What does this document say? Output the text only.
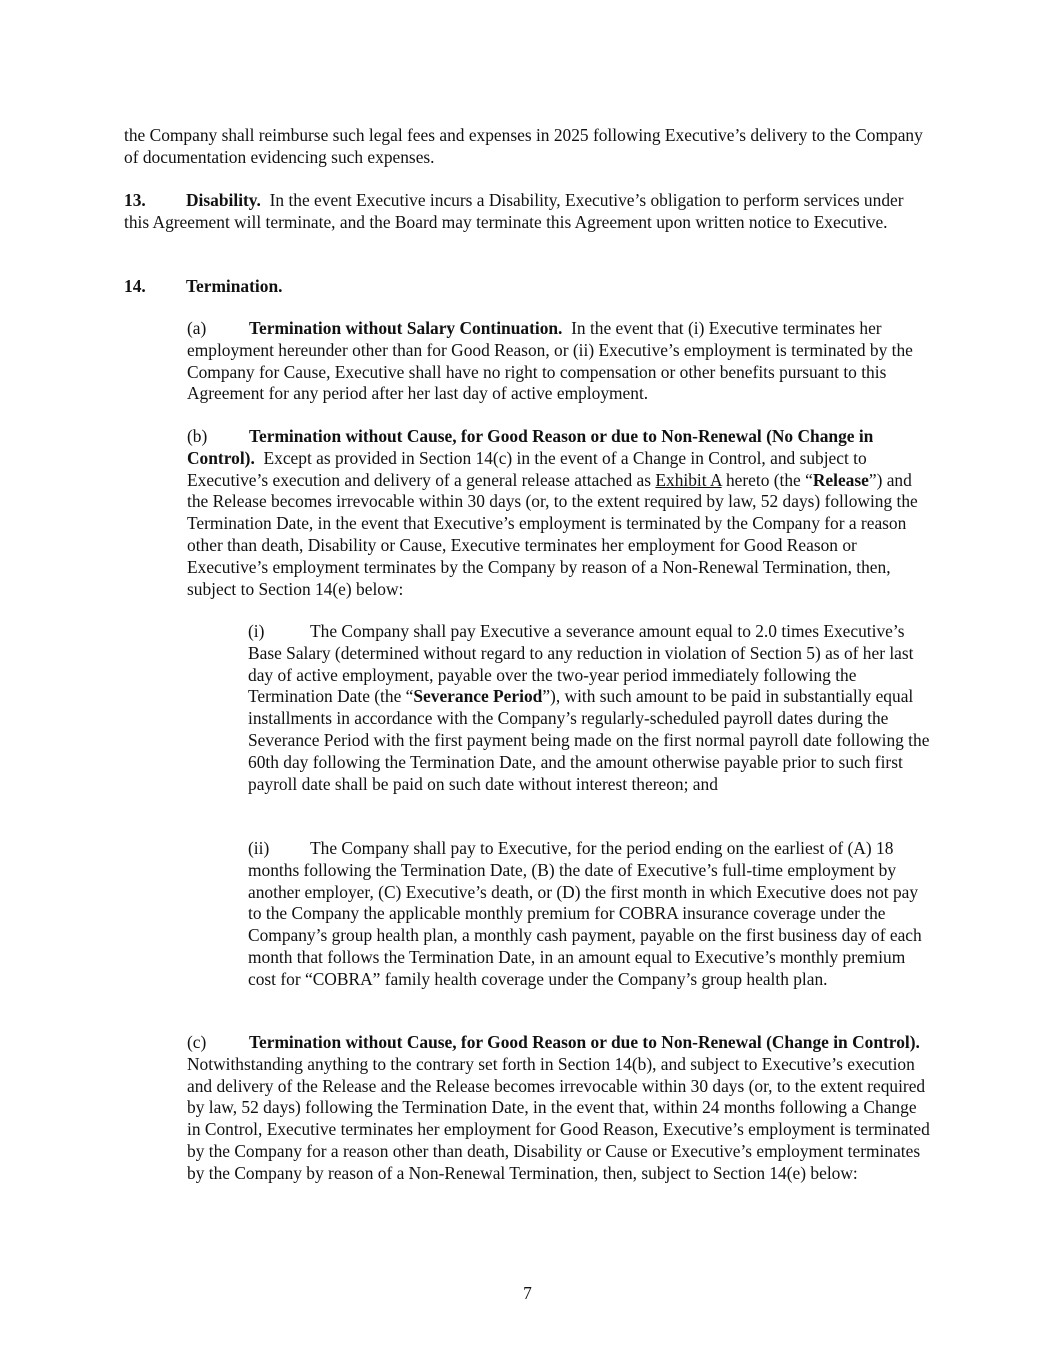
the Company shall reimburse such legal fees and expenses in 2025 following Executive’s delivery to the Company of documentation evidencing such expenses.

13. Disability. In the event Executive incurs a Disability, Executive’s obligation to perform services under this Agreement will terminate, and the Board may terminate this Agreement upon written notice to Executive.

14. Termination.

(a) Termination without Salary Continuation. In the event that (i) Executive terminates her employment hereunder other than for Good Reason, or (ii) Executive’s employment is terminated by the Company for Cause, Executive shall have no right to compensation or other benefits pursuant to this Agreement for any period after her last day of active employment.

(b) Termination without Cause, for Good Reason or due to Non-Renewal (No Change in Control). Except as provided in Section 14(c) in the event of a Change in Control, and subject to Executive’s execution and delivery of a general release attached as Exhibit A hereto (the “Release”) and the Release becomes irrevocable within 30 days (or, to the extent required by law, 52 days) following the Termination Date, in the event that Executive’s employment is terminated by the Company for a reason other than death, Disability or Cause, Executive terminates her employment for Good Reason or Executive’s employment terminates by the Company by reason of a Non-Renewal Termination, then, subject to Section 14(e) below:

(i)	The Company shall pay Executive a severance amount equal to 2.0 times Executive’s Base Salary (determined without regard to any reduction in violation of Section 5) as of her last day of active employment, payable over the two-year period immediately following the Termination Date (the “Severance Period”), with such amount to be paid in substantially equal installments in accordance with the Company’s regularly-scheduled payroll dates during the Severance Period with the first payment being made on the first normal payroll date following the 60th day following the Termination Date, and the amount otherwise payable prior to such first payroll date shall be paid on such date without interest thereon; and

(ii) The Company shall pay to Executive, for the period ending on the earliest of (A) 18 months following the Termination Date, (B) the date of Executive’s full-time employment by another employer, (C) Executive’s death, or (D) the first month in which Executive does not pay to the Company the applicable monthly premium for COBRA insurance coverage under the Company’s group health plan, a monthly cash payment, payable on the first business day of each month that follows the Termination Date, in an amount equal to Executive’s monthly premium cost for “COBRA” family health coverage under the Company’s group health plan.

(c) Termination without Cause, for Good Reason or due to Non-Renewal (Change in Control).  Notwithstanding anything to the contrary set forth in Section 14(b), and subject to Executive’s execution and delivery of the Release and the Release becomes irrevocable within 30 days (or, to the extent required by law, 52 days) following the Termination Date, in the event that, within 24 months following a Change in Control, Executive terminates her employment for Good Reason, Executive’s employment is terminated by the Company for a reason other than death, Disability or Cause or Executive’s employment terminates by the Company by reason of a Non-Renewal Termination, then, subject to Section 14(e) below:

7
